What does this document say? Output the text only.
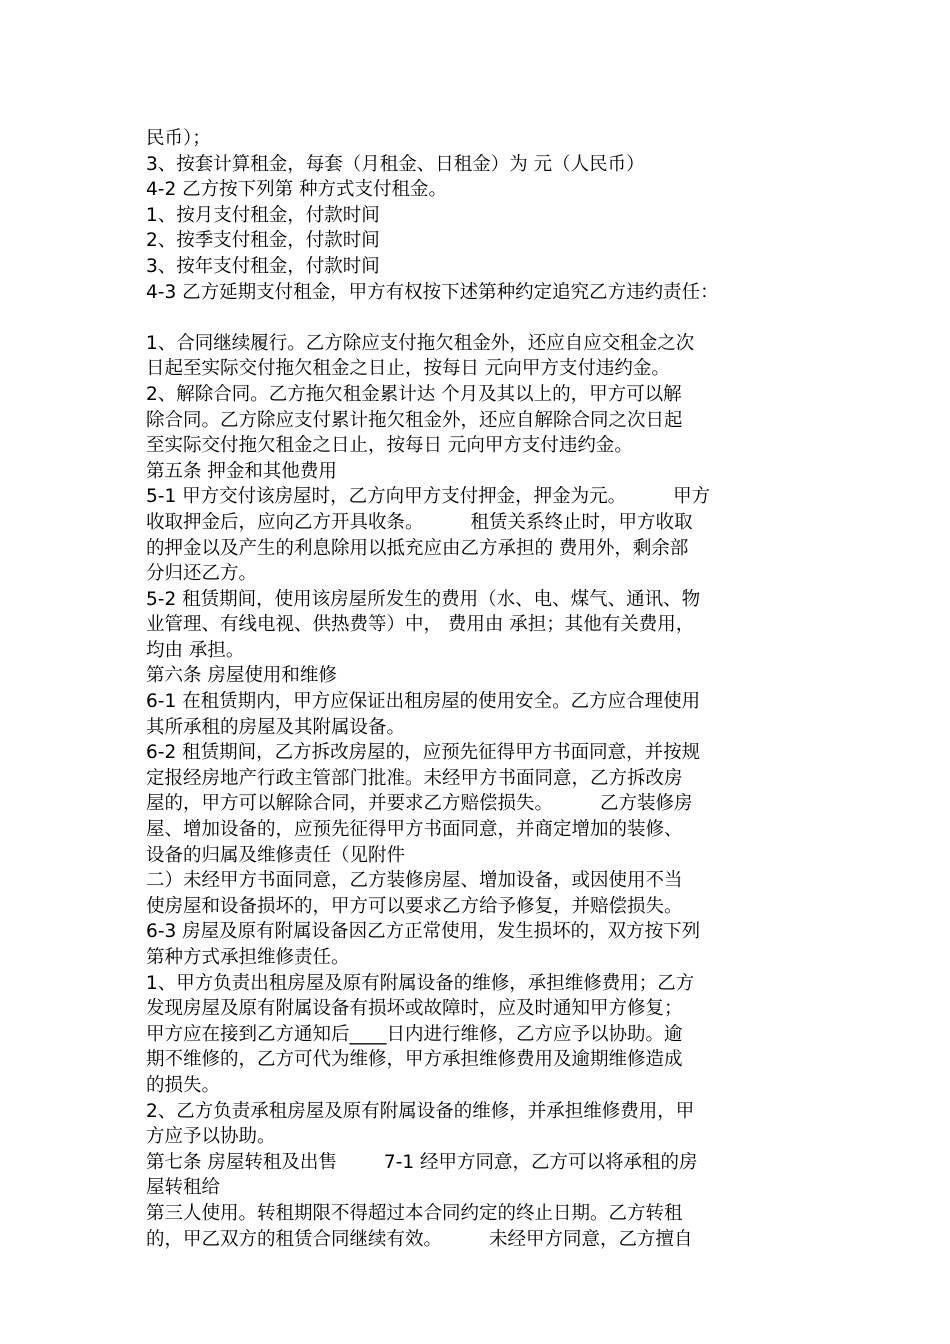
民币）；
3、按套计算租金，每套（月租金、日租金）为 元（人民币）
4-2 乙方按下列第 种方式支付租金。
1、按月支付租金，付款时间
2、按季支付租金，付款时间
3、按年支付租金，付款时间
4-3 乙方延期支付租金，甲方有权按下述第种约定追究乙方违约责任：
1、合同继续履行。乙方除应支付拖欠租金外，还应自应交租金之次
日起至实际交付拖欠租金之日止，按每日 元向甲方支付违约金。
2、解除合同。乙方拖欠租金累计达 个月及其以上的，甲方可以解
除合同。乙方除应支付累计拖欠租金外，还应自解除合同之次日起
至实际交付拖欠租金之日止，按每日 元向甲方支付违约金。
第五条 押金和其他费用
5-1 甲方交付该房屋时，乙方向甲方支付押金，押金为元。        甲方
收取押金后，应向乙方开具收条。        租赁关系终止时，甲方收取
的押金以及产生的利息除用以抵充应由乙方承担的 费用外，剩余部
分归还乙方。
5-2 租赁期间，使用该房屋所发生的费用（水、电、煤气、通讯、物
业管理、有线电视、供热费等）中， 费用由 承担；其他有关费用，
均由 承担。
第六条 房屋使用和维修
6-1 在租赁期内，甲方应保证出租房屋的使用安全。乙方应合理使用
其所承租的房屋及其附属设备。
6-2 租赁期间，乙方拆改房屋的，应预先征得甲方书面同意，并按规
定报经房地产行政主管部门批准。未经甲方书面同意，乙方拆改房
屋的，甲方可以解除合同，并要求乙方赔偿损失。        乙方装修房
屋、增加设备的，应预先征得甲方书面同意，并商定增加的装修、
设备的归属及维修责任（见附件
二）未经甲方书面同意，乙方装修房屋、增加设备，或因使用不当
使房屋和设备损坏的，甲方可以要求乙方给予修复，并赔偿损失。
6-3 房屋及原有附属设备因乙方正常使用，发生损坏的，双方按下列
第种方式承担维修责任。
1、甲方负责出租房屋及原有附属设备的维修，承担维修费用；乙方
发现房屋及原有附属设备有损坏或故障时，应及时通知甲方修复；
甲方应在接到乙方通知后____日内进行维修，乙方应予以协助。逾
期不维修的，乙方可代为维修，甲方承担维修费用及逾期维修造成
的损失。
2、乙方负责承租房屋及原有附属设备的维修，并承担维修费用，甲
方应予以协助。
第七条 房屋转租及出售        7-1 经甲方同意，乙方可以将承租的房
屋转租给
第三人使用。转租期限不得超过本合同约定的终止日期。乙方转租
的，甲乙双方的租赁合同继续有效。        未经甲方同意，乙方擅自
